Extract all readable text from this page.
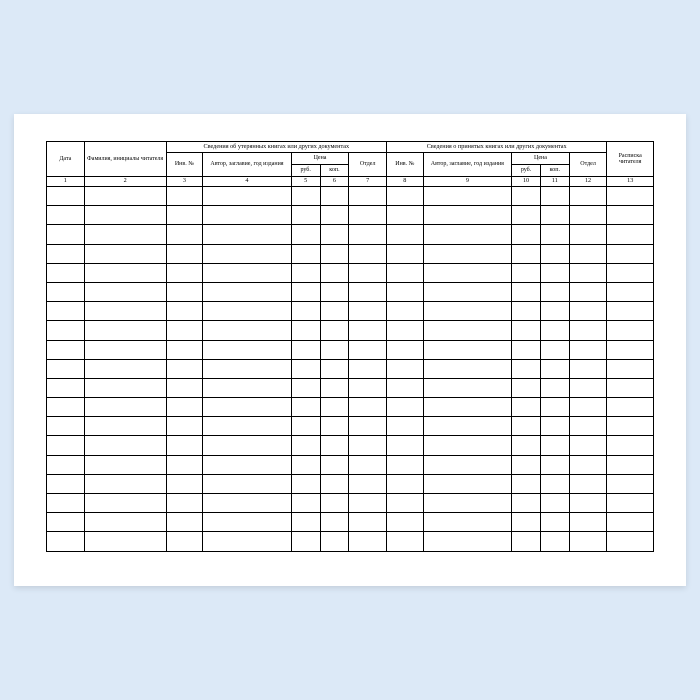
Дата	Фамилия, инициалы читателя	Сведения об утерянных книгах или других документах					Сведения о принятых книгах или других документах					Расписка читателя
		Инв. №	Автор, заглавие, год издания	Цена		Отдел	Инв. №	Автор, заглавие, год издания	Цена		Отдел	
				руб.	коп.				руб.	коп.		
1	2	3	4	5	6	7	8	9	10	11	12	13
